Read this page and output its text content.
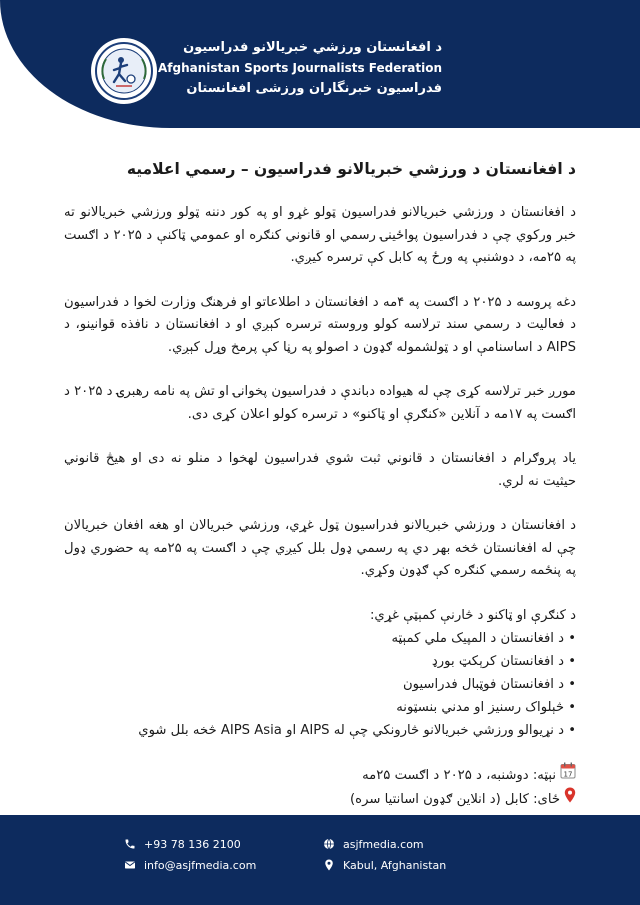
د افغانستان ورزشي خبریالانو فدراسیون
Afghanistan Sports Journalists Federation
فدراسیون خبرنگاران ورزشی افغانستان
د افغانستان د ورزشي خبریالانو فدراسیون – رسمي اعلامیه

د افغانستان د ورزشي خبریالانو فدراسیون ټولو غړو او په کور دننه ټولو ورزشي خبریالانو ته خبر ورکوي چې د فدراسیون پواځینۍ رسمي او قانوني کنګره او عمومي ټاکنې د ۲۰۲۵ د اګست په ۲۵مه، د دوشنبې په ورځ په کابل کې ترسره کیږي.

دغه پروسه د ۲۰۲۵ د اګست په ۴مه د افغانستان د اطلاعاتو او فرهنګ وزارت لخوا د فدراسیون د فعالیت د رسمي سند ترلاسه کولو وروسته ترسره کېږي او د افغانستان د نافذه قوانینو، د AIPS د اساسنامې او د ټولشموله ګډون د اصولو په رڼا کې پرمخ وړل کېږي.

مورږ خبر ترلاسه کړی چې له هیواده دباندې د فدراسیون پخوانۍ او تش په نامه رهبرۍ د ۲۰۲۵ د اګست په ۱۷مه د آنلاین «کنګرې او ټاکنو» د ترسره کولو اعلان کړی دی.

یاد پروګرام د افغانستان د قانوني ثبت شوي فدراسیون لهخوا د منلو نه دی او هیڅ قانوني حیثیت نه لري.

د افغانستان د ورزشي خبریالانو فدراسیون ټول غړي، ورزشي خبریالان او هغه افغان خبریالان چې له افغانستان څخه بهر دي په رسمي ډول بلل کیږي چې د اګست په ۲۵مه په حضوري ډول په پنځمه رسمي کنګره کې ګډون وکړي.

د کنګرې او ټاکنو د څارنې کمېټې غړي:
• د افغانستان د المپیک ملي کمېټه
• د افغانستان کرېکټ بورډ
• د افغانستان فوټبال فدراسیون
• څېلواک رسنیز او مدني بنسټونه
• د نړیوالو ورزشي خبریالانو څارونکي چې له AIPS او AIPS Asia څخه بلل شوي
17
نېټه: دوشنبه، د ۲۰۲۵ د اګست ۲۵مه
ځای: کابل (د انلاین ګډون اسانتیا سره)
+93 78 136 2100
info@asjfmedia.com
asjfmedia.com
Kabul, Afghanistan
